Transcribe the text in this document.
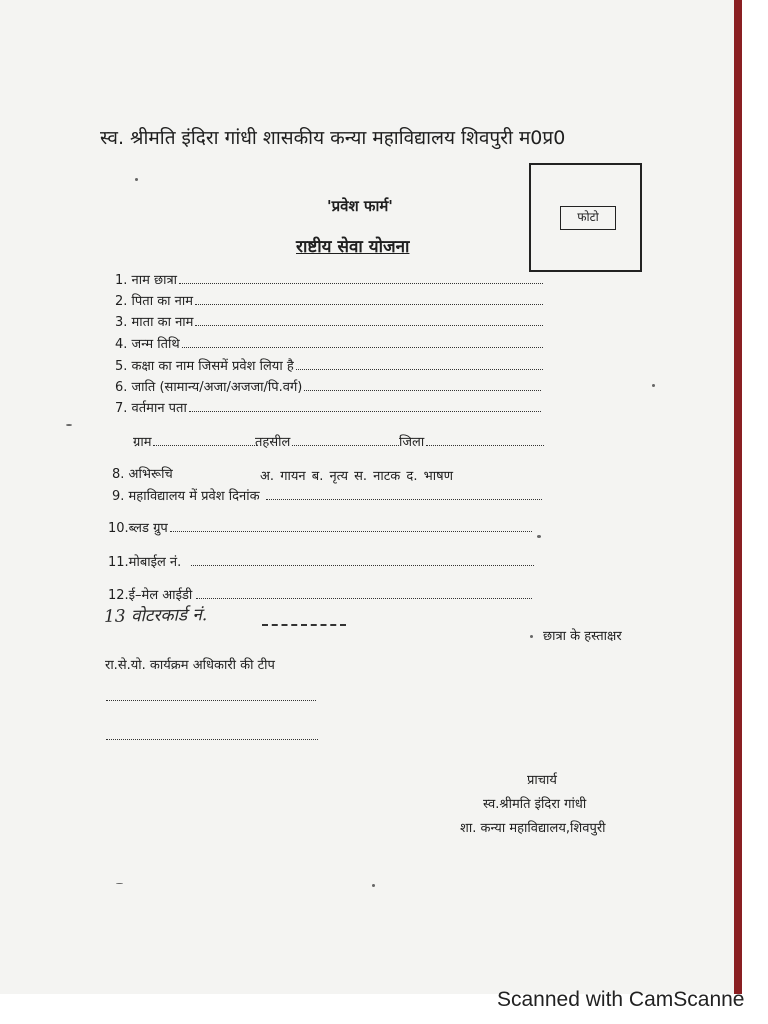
स्व. श्रीमति इंदिरा गांधी शासकीय कन्या महाविद्यालय शिवपुरी म0प्र0
'प्रवेश फार्म'
राष्टीय सेवा योजना
फोटो
1. नाम छात्रा
2. पिता का नाम
3. माता का नाम
4. जन्म तिथि
5. कक्षा का नाम जिसमें प्रवेश लिया है
6. जाति (सामान्य/अजा/अजजा/पि.वर्ग)
7. वर्तमान पता
ग्राम	तहसील	जिला
8. अभिरूचि	अ. गायन ब. नृत्य स. नाटक द. भाषण
9. महाविद्यालय में प्रवेश दिनांक
10.ब्लड ग्रुप
11.मोबाईल नं.
12.ई–मेल आईडी
13 वोटरकार्ड नं.
छात्रा के हस्ताक्षर
रा.से.यो. कार्यक्रम अधिकारी की टीप
प्राचार्य
स्व.श्रीमति इंदिरा गांधी
शा. कन्या महाविद्यालय,शिवपुरी
Scanned with CamScanne
